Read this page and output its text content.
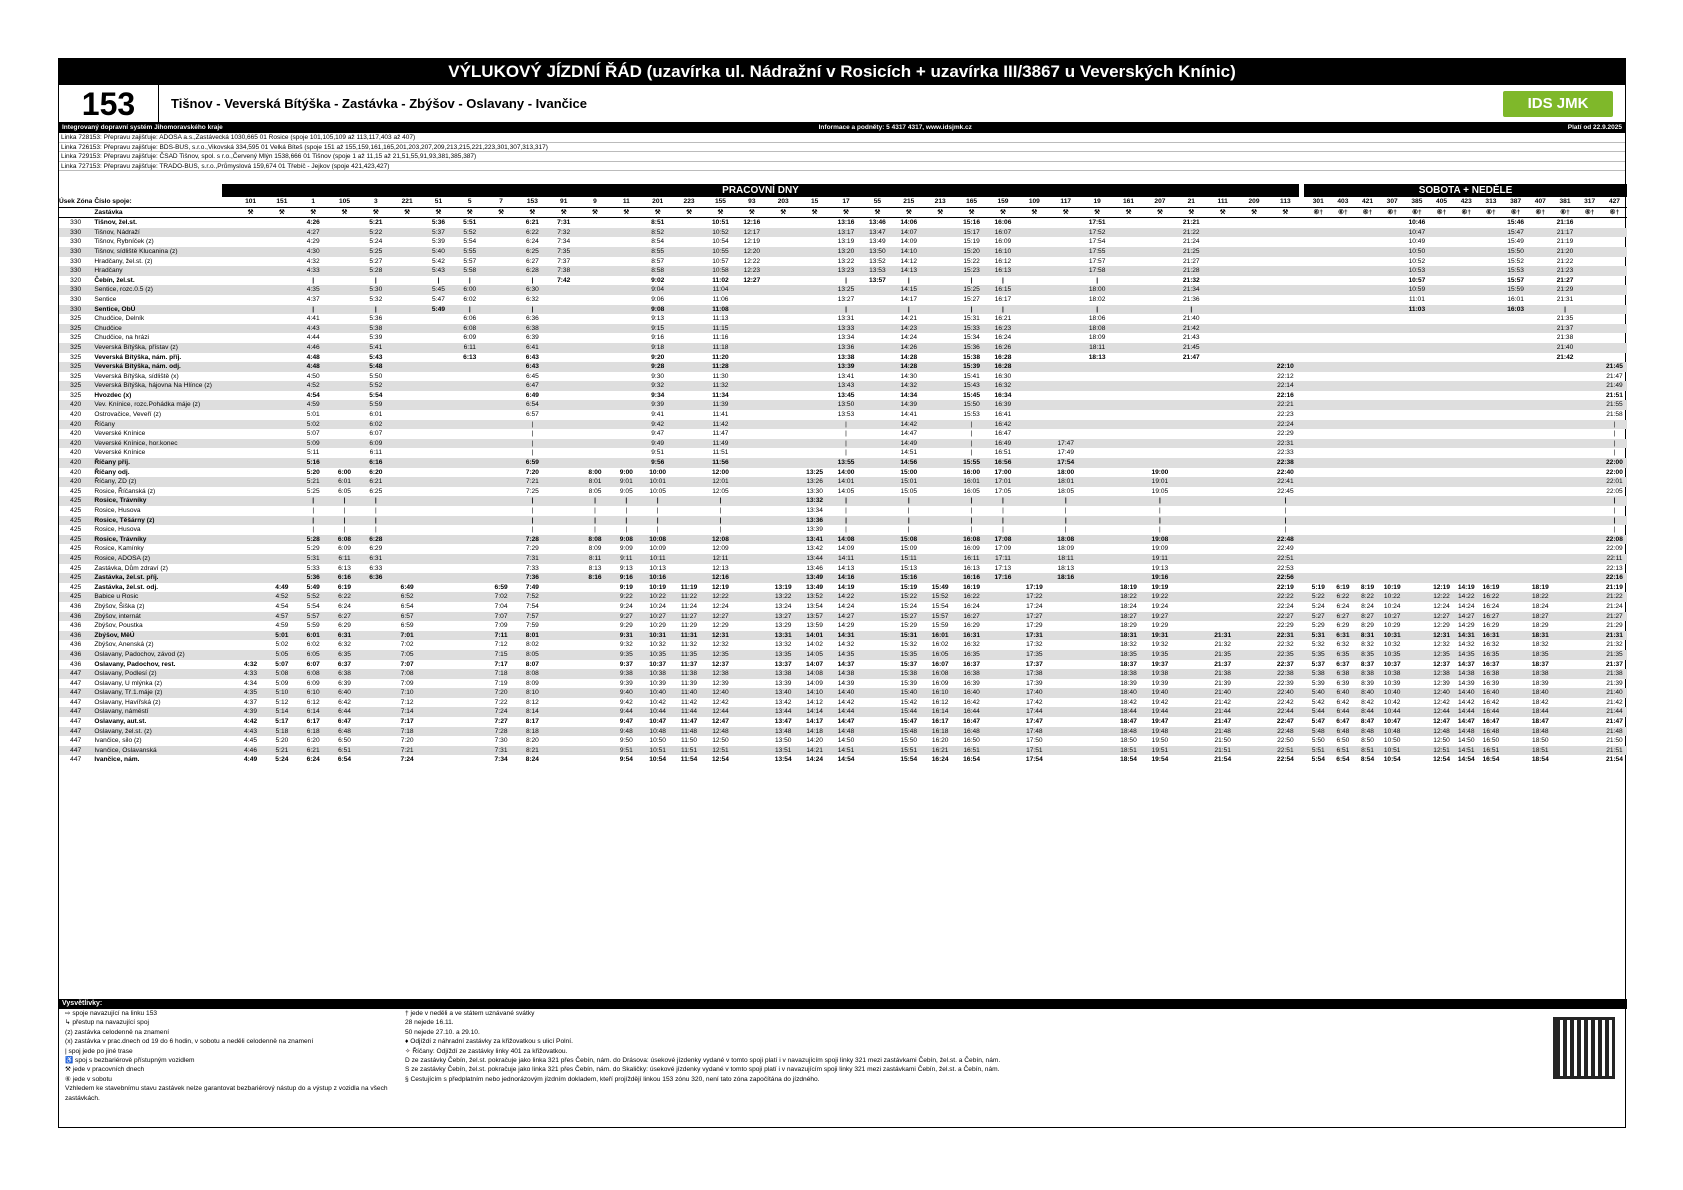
VÝLUKOVÝ JÍZDNÍ ŘÁD (uzavírka ul. Nádražní v Rosicích + uzavírka III/3867 u Veverských Knínic)
153	Tišnov - Veverská Bítýška - Zastávka - Zbýšov - Oslavany - Ivančice	IDS JMK
Integrovaný dopravní systém Jihomoravského kraje	Informace a podněty: 5 4317 4317, www.idsjmk.cz	Platí od 22.9.2025
Linka 728153: Přepravu zajišťuje: ADOSA a.s.,Zastávecká 1030,665 01 Rosice (spoje 101,105,109 až 113,117,403 až 407)
Linka 726153: Přepravu zajišťuje: BDS-BUS, s.r.o.,Vikovská 334,595 01 Velká Bíteš (spoje 151 až 155,159,161,165,201,203,207,209,213,215,221,223,301,307,313,317)
Linka 729153: Přepravu zajišťuje: ČSAD Tišnov, spol. s r.o.,Červený Mlýn 1538,666 01 Tišnov (spoje 1 až 11,15 až 21,51,55,91,93,381,385,387)
Linka 727153: Přepravu zajišťuje: TRADO-BUS, s.r.o.,Průmyslová 159,674 01 Třebíč - Jejkov (spoje 421,423,427)
PRACOVNÍ DNY	SOBOTA + NEDĚLE
Úsek Zóna	Číslo spoje:	101	151	1	105	3	221	51	5	7	153	91	9	11	201	223	155	93	203	15	17	55	215	213	165	159	109	117	19	161	207	21	111	209	113		301	403	421	307	385	405	423	313	387	407	381	317	427
	Zastávka	⚒	⚒	⚒	⚒	⚒	⚒	⚒	⚒	⚒	⚒	⚒	⚒	⚒	⚒	⚒	⚒	⚒	⚒	⚒	⚒	⚒	⚒	⚒	⚒	⚒	⚒	⚒	⚒	⚒	⚒	⚒	⚒	⚒	⚒		⑥†	⑥†	⑥†	⑥†	⑥†	⑥†	⑥†	⑥†	⑥†	⑥†	⑥†	⑥†	⑥†
330	Tišnov, žel.st.			4:26		5:21		5:36	5:51		6:21	7:31			8:51		10:51	12:16			13:16	13:46	14:06		15:16	16:06			17:51			21:21									10:46				15:46		21:16		
330	Tišnov, Nádraží			4:27		5:22		5:37	5:52		6:22	7:32			8:52		10:52	12:17			13:17	13:47	14:07		15:17	16:07			17:52			21:22									10:47				15:47		21:17		
330	Tišnov, Rybníček (z)			4:29		5:24		5:39	5:54		6:24	7:34			8:54		10:54	12:19			13:19	13:49	14:09		15:19	16:09			17:54			21:24									10:49				15:49		21:19		
330	Tišnov, sídliště Klucanina (z)			4:30		5:25		5:40	5:55		6:25	7:35			8:55		10:55	12:20			13:20	13:50	14:10		15:20	16:10			17:55			21:25									10:50				15:50		21:20		
330	Hradčany, žel.st. (z)			4:32		5:27		5:42	5:57		6:27	7:37			8:57		10:57	12:22			13:22	13:52	14:12		15:22	16:12			17:57			21:27									10:52				15:52		21:22		
330	Hradčany			4:33		5:28		5:43	5:58		6:28	7:38			8:58		10:58	12:23			13:23	13:53	14:13		15:23	16:13			17:58			21:28									10:53				15:53		21:23		
320	Čebín, žel.st.			|		|		|	|		|	7:42			9:02		11:02	12:27			|	13:57	|		|	|			|			21:32									10:57				15:57		21:27		
330	Sentice, rozc.0.5 (z)			4:35		5:30		5:45	6:00		6:30				9:04		11:04				13:25		14:15		15:25	16:15			18:00			21:34									10:59				15:59		21:29		
330	Sentice			4:37		5:32		5:47	6:02		6:32				9:06		11:06				13:27		14:17		15:27	16:17			18:02			21:36									11:01				16:01		21:31		
330	Sentice, ObÚ			|		|		5:49	|		|				9:08		11:08				|		|		|	|			|			|									11:03				16:03		|		
325	Chudčice, Delník			4:41		5:36			6:06		6:36				9:13		11:13				13:31		14:21		15:31	16:21			18:06			21:40															21:35		
325	Chudčice			4:43		5:38			6:08		6:38				9:15		11:15				13:33		14:23		15:33	16:23			18:08			21:42															21:37		
325	Chudčice, na hrázi			4:44		5:39			6:09		6:39				9:16		11:16				13:34		14:24		15:34	16:24			18:09			21:43															21:38		
325	Veverská Bítýška, přístav (z)			4:46		5:41			6:11		6:41				9:18		11:18				13:36		14:26		15:36	16:26			18:11			21:45															21:40		
325	Veverská Bítýška, nám. příj.			4:48		5:43			6:13		6:43				9:20		11:20				13:38		14:28		15:38	16:28			18:13			21:47															21:42		
325	Veverská Bítýška, nám. odj.			4:48		5:48					6:43				9:28		11:28				13:39		14:28		15:39	16:28									22:10														21:45
325	Veverská Bítýška, sídliště (x)			4:50		5:50					6:45				9:30		11:30				13:41		14:30		15:41	16:30									22:12														21:47
325	Veverská Bítýška, hájovna Na Hlínce (z)			4:52		5:52					6:47				9:32		11:32				13:43		14:32		15:43	16:32									22:14														21:49
325	Hvozdec (x)			4:54		5:54					6:49				9:34		11:34				13:45		14:34		15:45	16:34									22:16														21:51
420	Vev. Knínice, rozc.Pohádka máje (z)			4:59		5:59					6:54				9:39		11:39				13:50		14:39		15:50	16:39									22:21														21:55
420	Ostrovačice, Veveří (z)			5:01		6:01					6:57				9:41		11:41				13:53		14:41		15:53	16:41									22:23														21:58
420	Říčany			5:02		6:02					|				9:42		11:42				|		14:42		|	16:42									22:24														|
420	Veverské Knínice			5:07		6:07					|				9:47		11:47				|		14:47		|	16:47									22:29														|
420	Veverské Knínice, hor.konec			5:09		6:09					|				9:49		11:49				|		14:49		|	16:49		17:47							22:31														|
420	Veverské Knínice			5:11		6:11					|				9:51		11:51				|		14:51		|	16:51		17:49							22:33														|
420	Říčany příj.			5:16		6:16					6:59				9:56		11:56				13:55		14:56		15:55	16:56		17:54							22:38														22:00
420	Říčany odj.			5:20	6:00	6:20					7:20		8:00	9:00	10:00		12:00			13:25	14:00		15:00		16:00	17:00		18:00			19:00				22:40														22:00
420	Říčany, ZD (z)			5:21	6:01	6:21					7:21		8:01	9:01	10:01		12:01			13:26	14:01		15:01		16:01	17:01		18:01			19:01				22:41														22:01
425	Rosice, Říčanská (z)			5:25	6:05	6:25					7:25		8:05	9:05	10:05		12:05			13:30	14:05		15:05		16:05	17:05		18:05			19:05				22:45														22:05
425	Rosice, Trávníky			|	|	|					|		|	|	|		|			13:32	|		|		|	|		|			|				|														|
425	Rosice, Husova			|	|	|					|		|	|	|		|			13:34	|		|		|	|		|			|				|														|
425	Rosice, Těšárny (z)			|	|	|					|		|	|	|		|			13:36	|		|		|	|		|			|				|														|
425	Rosice, Husova			|	|	|					|		|	|	|		|			13:39	|		|		|	|		|			|				|														|
425	Rosice, Trávníky			5:28	6:08	6:28					7:28		8:08	9:08	10:08		12:08			13:41	14:08		15:08		16:08	17:08		18:08			19:08				22:48														22:08
425	Rosice, Kamínky			5:29	6:09	6:29					7:29		8:09	9:09	10:09		12:09			13:42	14:09		15:09		16:09	17:09		18:09			19:09				22:49														22:09
425	Rosice, ADOSA (z)			5:31	6:11	6:31					7:31		8:11	9:11	10:11		12:11			13:44	14:11		15:11		16:11	17:11		18:11			19:11				22:51														22:11
425	Zastávka, Dům zdraví (z)			5:33	6:13	6:33					7:33		8:13	9:13	10:13		12:13			13:46	14:13		15:13		16:13	17:13		18:13			19:13				22:53														22:13
425	Zastávka, žel.st. příj.			5:36	6:16	6:36					7:36		8:16	9:16	10:16		12:16			13:49	14:16		15:16		16:16	17:16		18:16			19:16				22:56														22:16
425	Zastávka, žel.st. odj.		4:49	5:49	6:19		6:49			6:59	7:49			9:19	10:19	11:19	12:19		13:19	13:49	14:19		15:19	15:49	16:19		17:19			18:19	19:19				22:19		5:19	6:19	8:19	10:19		12:19	14:19	16:19		18:19			21:19
425	Babice u Rosic		4:52	5:52	6:22		6:52			7:02	7:52			9:22	10:22	11:22	12:22		13:22	13:52	14:22		15:22	15:52	16:22		17:22			18:22	19:22				22:22		5:22	6:22	8:22	10:22		12:22	14:22	16:22		18:22			21:22
436	Zbýšov, Šiška (z)		4:54	5:54	6:24		6:54			7:04	7:54			9:24	10:24	11:24	12:24		13:24	13:54	14:24		15:24	15:54	16:24		17:24			18:24	19:24				22:24		5:24	6:24	8:24	10:24		12:24	14:24	16:24		18:24			21:24
436	Zbýšov, internát		4:57	5:57	6:27		6:57			7:07	7:57			9:27	10:27	11:27	12:27		13:27	13:57	14:27		15:27	15:57	16:27		17:27			18:27	19:27				22:27		5:27	6:27	8:27	10:27		12:27	14:27	16:27		18:27			21:27
436	Zbýšov, Poustka		4:59	5:59	6:29		6:59			7:09	7:59			9:29	10:29	11:29	12:29		13:29	13:59	14:29		15:29	15:59	16:29		17:29			18:29	19:29				22:29		5:29	6:29	8:29	10:29		12:29	14:29	16:29		18:29			21:29
436	Zbýšov, MěÚ		5:01	6:01	6:31		7:01			7:11	8:01			9:31	10:31	11:31	12:31		13:31	14:01	14:31		15:31	16:01	16:31		17:31			18:31	19:31		21:31		22:31		5:31	6:31	8:31	10:31		12:31	14:31	16:31		18:31			21:31
436	Zbýšov, Anenská (z)		5:02	6:02	6:32		7:02			7:12	8:02			9:32	10:32	11:32	12:32		13:32	14:02	14:32		15:32	16:02	16:32		17:32			18:32	19:32		21:32		22:32		5:32	6:32	8:32	10:32		12:32	14:32	16:32		18:32			21:32
436	Oslavany, Padochov, závod (z)		5:05	6:05	6:35		7:05			7:15	8:05			9:35	10:35	11:35	12:35		13:35	14:05	14:35		15:35	16:05	16:35		17:35			18:35	19:35		21:35		22:35		5:35	6:35	8:35	10:35		12:35	14:35	16:35		18:35			21:35
436	Oslavany, Padochov, rest.	4:32	5:07	6:07	6:37		7:07			7:17	8:07			9:37	10:37	11:37	12:37		13:37	14:07	14:37		15:37	16:07	16:37		17:37			18:37	19:37		21:37		22:37		5:37	6:37	8:37	10:37		12:37	14:37	16:37		18:37			21:37
447	Oslavany, Podlesí (z)	4:33	5:08	6:08	6:38		7:08			7:18	8:08			9:38	10:38	11:38	12:38		13:38	14:08	14:38		15:38	16:08	16:38		17:38			18:38	19:38		21:38		22:38		5:38	6:38	8:38	10:38		12:38	14:38	16:38		18:38			21:38
447	Oslavany, U mlýnka (z)	4:34	5:09	6:09	6:39		7:09			7:19	8:09			9:39	10:39	11:39	12:39		13:39	14:09	14:39		15:39	16:09	16:39		17:39			18:39	19:39		21:39		22:39		5:39	6:39	8:39	10:39		12:39	14:39	16:39		18:39			21:39
447	Oslavany, Tř.1.máje (z)	4:35	5:10	6:10	6:40		7:10			7:20	8:10			9:40	10:40	11:40	12:40		13:40	14:10	14:40		15:40	16:10	16:40		17:40			18:40	19:40		21:40		22:40		5:40	6:40	8:40	10:40		12:40	14:40	16:40		18:40			21:40
447	Oslavany, Havířská (z)	4:37	5:12	6:12	6:42		7:12			7:22	8:12			9:42	10:42	11:42	12:42		13:42	14:12	14:42		15:42	16:12	16:42		17:42			18:42	19:42		21:42		22:42		5:42	6:42	8:42	10:42		12:42	14:42	16:42		18:42			21:42
447	Oslavany, náměstí	4:39	5:14	6:14	6:44		7:14			7:24	8:14			9:44	10:44	11:44	12:44		13:44	14:14	14:44		15:44	16:14	16:44		17:44			18:44	19:44		21:44		22:44		5:44	6:44	8:44	10:44		12:44	14:44	16:44		18:44			21:44
447	Oslavany, aut.st.	4:42	5:17	6:17	6:47		7:17			7:27	8:17			9:47	10:47	11:47	12:47		13:47	14:17	14:47		15:47	16:17	16:47		17:47			18:47	19:47		21:47		22:47		5:47	6:47	8:47	10:47		12:47	14:47	16:47		18:47			21:47
447	Oslavany, žel.st. (z)	4:43	5:18	6:18	6:48		7:18			7:28	8:18			9:48	10:48	11:48	12:48		13:48	14:18	14:48		15:48	16:18	16:48		17:48			18:48	19:48		21:48		22:48		5:48	6:48	8:48	10:48		12:48	14:48	16:48		18:48			21:48
447	Ivančice, silo (z)	4:45	5:20	6:20	6:50		7:20			7:30	8:20			9:50	10:50	11:50	12:50		13:50	14:20	14:50		15:50	16:20	16:50		17:50			18:50	19:50		21:50		22:50		5:50	6:50	8:50	10:50		12:50	14:50	16:50		18:50			21:50
447	Ivančice, Oslavanská	4:46	5:21	6:21	6:51		7:21			7:31	8:21			9:51	10:51	11:51	12:51		13:51	14:21	14:51		15:51	16:21	16:51		17:51			18:51	19:51		21:51		22:51		5:51	6:51	8:51	10:51		12:51	14:51	16:51		18:51			21:51
447	Ivančice, nám.	4:49	5:24	6:24	6:54		7:24			7:34	8:24			9:54	10:54	11:54	12:54		13:54	14:24	14:54		15:54	16:24	16:54		17:54			18:54	19:54		21:54		22:54		5:54	6:54	8:54	10:54		12:54	14:54	16:54		18:54			21:54
Vysvětlivky:
⇨ spoje navazující na linku 153
↳ přestup na navazující spoj
(z) zastávka celodenně na znamení
(x) zastávka v prac.dnech od 19 do 6 hodin, v sobotu a neděli celodenně na znamení
| spoj jede po jiné trase
♿ spoj s bezbariérově přístupným vozidlem
⚒ jede v pracovních dnech
⑥ jede v sobotu
Vzhledem ke stavebnímu stavu zastávek nelze garantovat bezbariérový nástup do a výstup z vozidla na všech zastávkách.
† jede v neděli a ve státem uznávané svátky
28 nejede 16.11.
50 nejede 27.10. a 29.10.
♦ Odjíždí z náhradní zastávky za křižovatkou s ulicí Polní.
✧ Říčany: Odjíždí ze zastávky linky 401 za křižovatkou.
D ze zastávky Čebín, žel.st. pokračuje jako linka 321 přes Čebín, nám. do Drásova: úsekové jízdenky vydané v tomto spoji platí i v navazujícím spoji linky 321 mezi zastávkami Čebín, žel.st. a Čebín, nám.
S ze zastávky Čebín, žel.st. pokračuje jako linka 321 přes Čebín, nám. do Skaličky: úsekové jízdenky vydané v tomto spoji platí i v navazujícím spoji linky 321 mezi zastávkami Čebín, žel.st. a Čebín, nám.
§ Cestujícím s předplatním nebo jednorázovým jízdním dokladem, kteří projíždějí linkou 153 zónu 320, není tato zóna započítána do jízdného.
